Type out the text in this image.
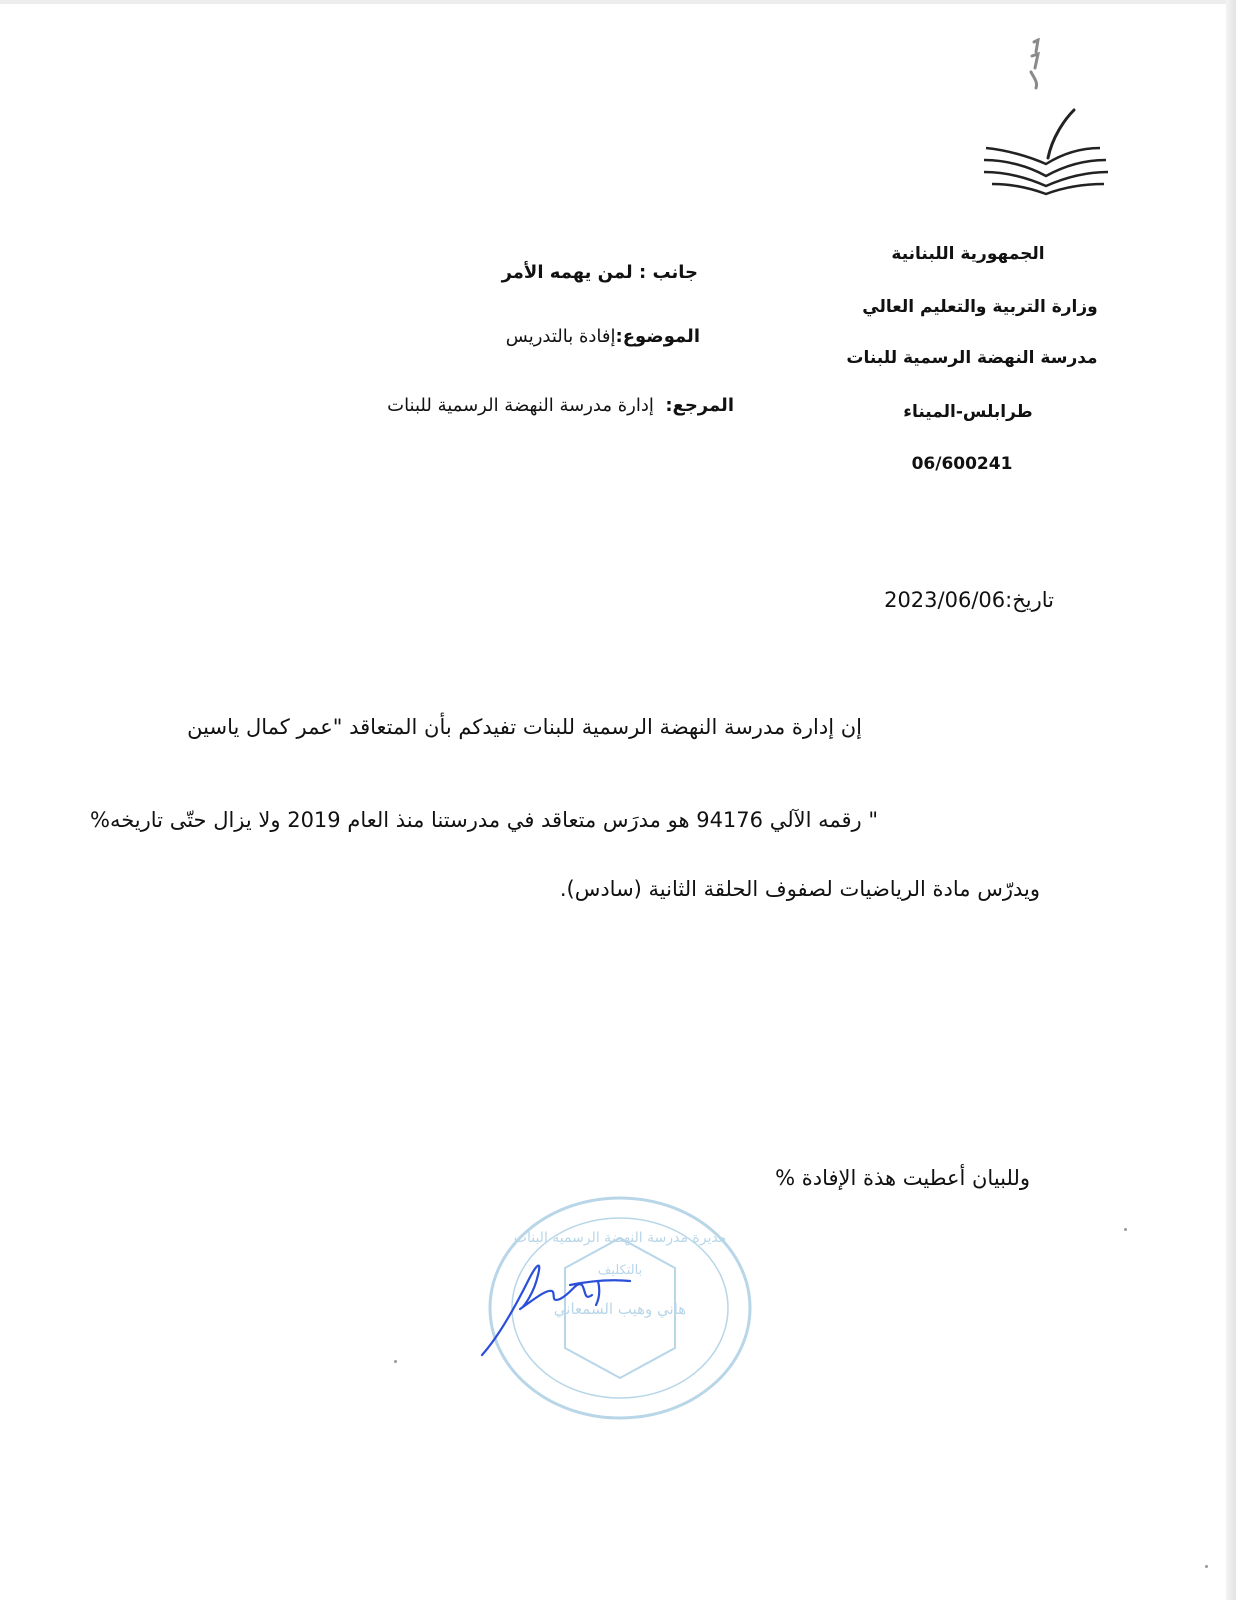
الجمهورية اللبنانية
وزارة التربية والتعليم العالي
مدرسة النهضة الرسمية للبنات
طرابلس-الميناء
06/600241
جانب : لمن يهمه الأمر
الموضوع:إفادة بالتدريس
المرجع:  إدارة مدرسة النهضة الرسمية للبنات
تاريخ:2023/06/06
إن إدارة مدرسة النهضة الرسمية للبنات تفيدكم بأن المتعاقد "عمر كمال ياسين
" رقمه الآلي 94176 هو مدرَس متعاقد في مدرستنا منذ العام 2019 ولا يزال حتّى تاريخه%
ويدرّس مادة الرياضيات لصفوف الحلقة الثانية (سادس).
وللبيان أعطيت هذة الإفادة %
مديرة مدرسة النهضة الرسمية البنات
بالتكليف
هاني وهيب السمعاني
